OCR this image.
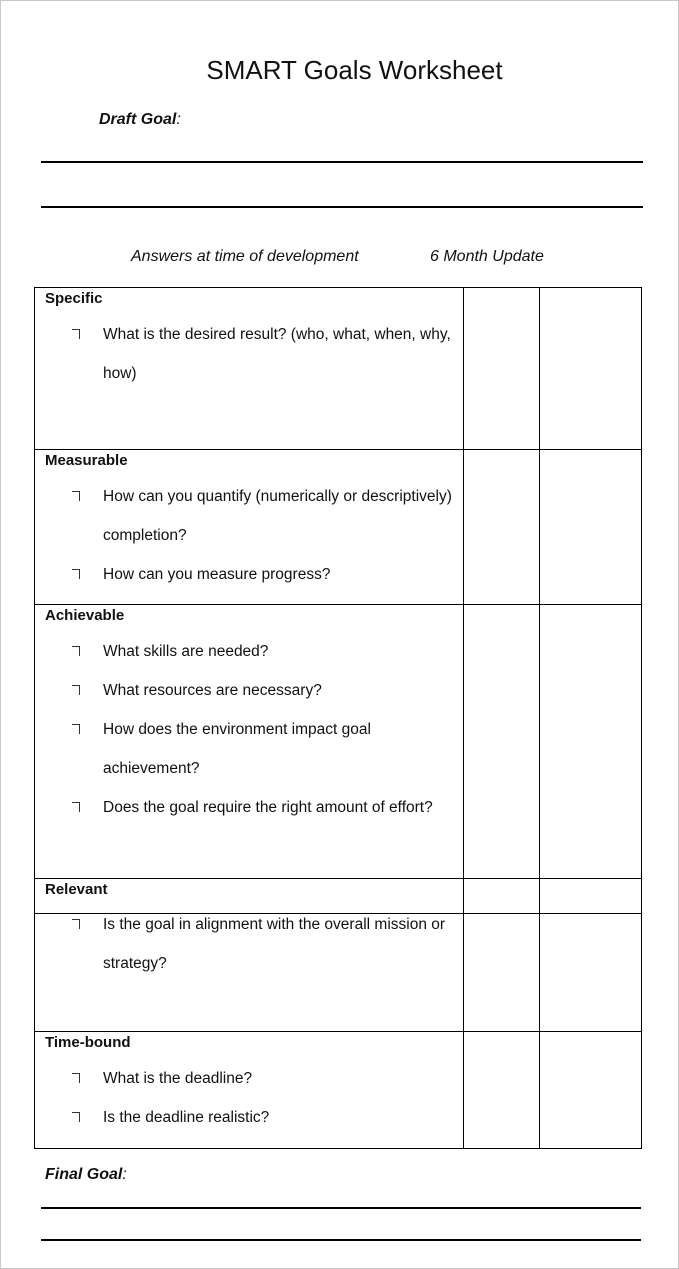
SMART Goals Worksheet
Draft Goal:
Answers at time of development	6 Month Update
Specific
What is the desired result? (who, what, when, why, how)		

Measurable
How can you quantify (numerically or descriptively) completion?
How can you measure progress?		

Achievable
What skills are needed?
What resources are necessary?
How does the environment impact goal achievement?
Does the goal require the right amount of effort?		

Relevant		

Is the goal in alignment with the overall mission or strategy?		

Time-bound
What is the deadline?
Is the deadline realistic?		

Final Goal:
